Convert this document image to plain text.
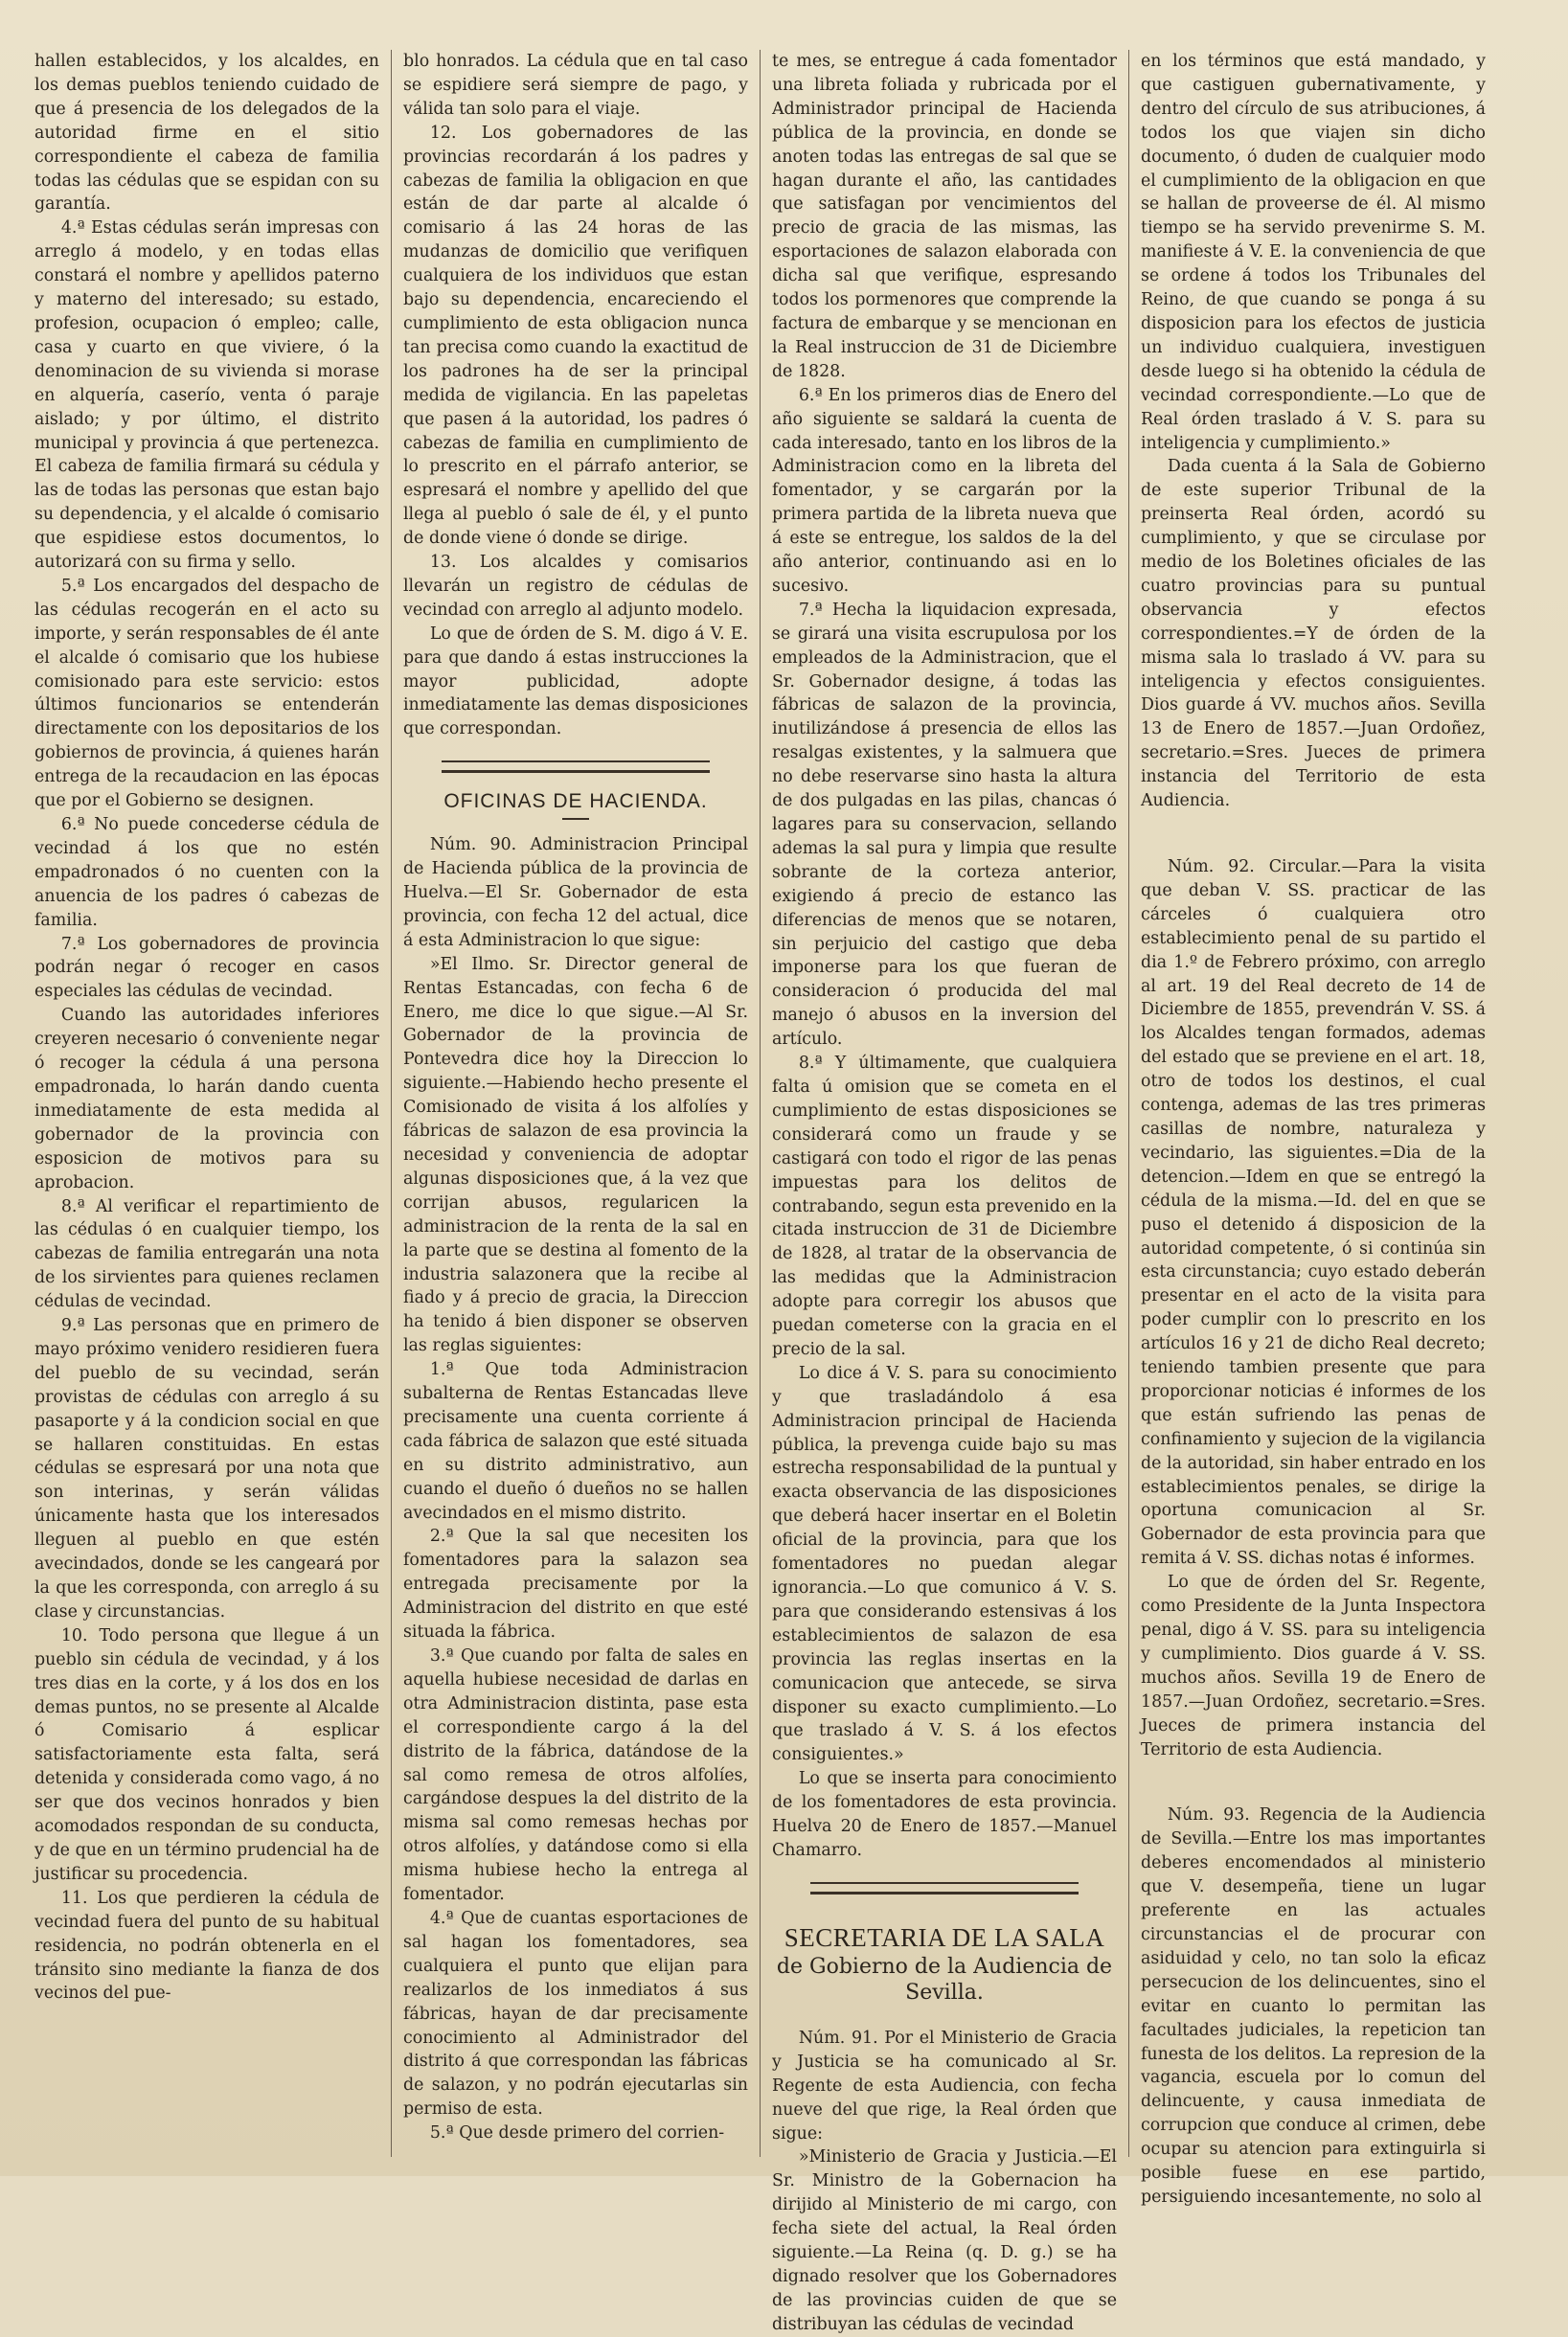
hallen establecidos, y los alcaldes, en los demas pueblos teniendo cuidado de que á presencia de los delegados de la autoridad firme en el sitio correspondiente el cabeza de familia todas las cédulas que se espidan con su garantía.

4.ª Estas cédulas serán impresas con arreglo á modelo, y en todas ellas constará el nombre y apellidos paterno y materno del interesado; su estado, profesion, ocupacion ó empleo; calle, casa y cuarto en que viviere, ó la denominacion de su vivienda si morase en alquería, caserío, venta ó paraje aislado; y por último, el distrito municipal y provincia á que pertenezca. El cabeza de familia firmará su cédula y las de todas las personas que estan bajo su dependencia, y el alcalde ó comisario que espidiese estos documentos, lo autorizará con su firma y sello.

5.ª Los encargados del despacho de las cédulas recogerán en el acto su importe, y serán responsables de él ante el alcalde ó comisario que los hubiese comisionado para este servicio: estos últimos funcionarios se entenderán directamente con los depositarios de los gobiernos de provincia, á quienes harán entrega de la recaudacion en las épocas que por el Gobierno se designen.

6.ª No puede concederse cédula de vecindad á los que no estén empadronados ó no cuenten con la anuencia de los padres ó cabezas de familia.

7.ª Los gobernadores de provincia podrán negar ó recoger en casos especiales las cédulas de vecindad.

Cuando las autoridades inferiores creyeren necesario ó conveniente negar ó recoger la cédula á una persona empadronada, lo harán dando cuenta inmediatamente de esta medida al gobernador de la provincia con esposicion de motivos para su aprobacion.

8.ª Al verificar el repartimiento de las cédulas ó en cualquier tiempo, los cabezas de familia entregarán una nota de los sirvientes para quienes reclamen cédulas de vecindad.

9.ª Las personas que en primero de mayo próximo venidero residieren fuera del pueblo de su vecindad, serán provistas de cédulas con arreglo á su pasaporte y á la condicion social en que se hallaren constituidas. En estas cédulas se espresará por una nota que son interinas, y serán válidas únicamente hasta que los interesados lleguen al pueblo en que estén avecindados, donde se les cangeará por la que les corresponda, con arreglo á su clase y circunstancias.

10. Todo persona que llegue á un pueblo sin cédula de vecindad, y á los tres dias en la corte, y á los dos en los demas puntos, no se presente al Alcalde ó Comisario á esplicar satisfactoriamente esta falta, será detenida y considerada como vago, á no ser que dos vecinos honrados y bien acomodados respondan de su conducta, y de que en un término prudencial ha de justificar su procedencia.

11. Los que perdieren la cédula de vecindad fuera del punto de su habitual residencia, no podrán obtenerla en el tránsito sino mediante la fianza de dos vecinos del pue-

blo honrados. La cédula que en tal caso se espidiere será siempre de pago, y válida tan solo para el viaje.

12. Los gobernadores de las provincias recordarán á los padres y cabezas de familia la obligacion en que están de dar parte al alcalde ó comisario á las 24 horas de las mudanzas de domicilio que verifiquen cualquiera de los individuos que estan bajo su dependencia, encareciendo el cumplimiento de esta obligacion nunca tan precisa como cuando la exactitud de los padrones ha de ser la principal medida de vigilancia. En las papeletas que pasen á la autoridad, los padres ó cabezas de familia en cumplimiento de lo prescrito en el párrafo anterior, se espresará el nombre y apellido del que llega al pueblo ó sale de él, y el punto de donde viene ó donde se dirige.

13. Los alcaldes y comisarios llevarán un registro de cédulas de vecindad con arreglo al adjunto modelo.

Lo que de órden de S. M. digo á V. E. para que dando á estas instrucciones la mayor publicidad, adopte inmediatamente las demas disposiciones que correspondan.

OFICINAS DE HACIENDA.

Núm. 90. Administracion Principal de Hacienda pública de la provincia de Huelva.—El Sr. Gobernador de esta provincia, con fecha 12 del actual, dice á esta Administracion lo que sigue:

»El Ilmo. Sr. Director general de Rentas Estancadas, con fecha 6 de Enero, me dice lo que sigue.—Al Sr. Gobernador de la provincia de Pontevedra dice hoy la Direccion lo siguiente.—Habiendo hecho presente el Comisionado de visita á los alfolíes y fábricas de salazon de esa provincia la necesidad y conveniencia de adoptar algunas disposiciones que, á la vez que corrijan abusos, regularicen la administracion de la renta de la sal en la parte que se destina al fomento de la industria salazonera que la recibe al fiado y á precio de gracia, la Direccion ha tenido á bien disponer se observen las reglas siguientes:

1.ª Que toda Administracion subalterna de Rentas Estancadas lleve precisamente una cuenta corriente á cada fábrica de salazon que esté situada en su distrito administrativo, aun cuando el dueño ó dueños no se hallen avecindados en el mismo distrito.

2.ª Que la sal que necesiten los fomentadores para la salazon sea entregada precisamente por la Administracion del distrito en que esté situada la fábrica.

3.ª Que cuando por falta de sales en aquella hubiese necesidad de darlas en otra Administracion distinta, pase esta el correspondiente cargo á la del distrito de la fábrica, datándose de la sal como remesa de otros alfolíes, cargándose despues la del distrito de la misma sal como remesas hechas por otros alfolíes, y datándose como si ella misma hubiese hecho la entrega al fomentador.

4.ª Que de cuantas esportaciones de sal hagan los fomentadores, sea cualquiera el punto que elijan para realizarlos de los inmediatos á sus fábricas, hayan de dar precisamente conocimiento al Administrador del distrito á que correspondan las fábricas de salazon, y no podrán ejecutarlas sin permiso de esta.

5.ª Que desde primero del corrien-

te mes, se entregue á cada fomentador una libreta foliada y rubricada por el Administrador principal de Hacienda pública de la provincia, en donde se anoten todas las entregas de sal que se hagan durante el año, las cantidades que satisfagan por vencimientos del precio de gracia de las mismas, las esportaciones de salazon elaborada con dicha sal que verifique, espresando todos los pormenores que comprende la factura de embarque y se mencionan en la Real instruccion de 31 de Diciembre de 1828.

6.ª En los primeros dias de Enero del año siguiente se saldará la cuenta de cada interesado, tanto en los libros de la Administracion como en la libreta del fomentador, y se cargarán por la primera partida de la libreta nueva que á este se entregue, los saldos de la del año anterior, continuando asi en lo sucesivo.

7.ª Hecha la liquidacion expresada, se girará una visita escrupulosa por los empleados de la Administracion, que el Sr. Gobernador designe, á todas las fábricas de salazon de la provincia, inutilizándose á presencia de ellos las resalgas existentes, y la salmuera que no debe reservarse sino hasta la altura de dos pulgadas en las pilas, chancas ó lagares para su conservacion, sellando ademas la sal pura y limpia que resulte sobrante de la corteza anterior, exigiendo á precio de estanco las diferencias de menos que se notaren, sin perjuicio del castigo que deba imponerse para los que fueran de consideracion ó producida del mal manejo ó abusos en la inversion del artículo.

8.ª Y últimamente, que cualquiera falta ú omision que se cometa en el cumplimiento de estas disposiciones se considerará como un fraude y se castigará con todo el rigor de las penas impuestas para los delitos de contrabando, segun esta prevenido en la citada instruccion de 31 de Diciembre de 1828, al tratar de la observancia de las medidas que la Administracion adopte para corregir los abusos que puedan cometerse con la gracia en el precio de la sal.

Lo dice á V. S. para su conocimiento y que trasladándolo á esa Administracion principal de Hacienda pública, la prevenga cuide bajo su mas estrecha responsabilidad de la puntual y exacta observancia de las disposiciones que deberá hacer insertar en el Boletin oficial de la provincia, para que los fomentadores no puedan alegar ignorancia.—Lo que comunico á V. S. para que considerando estensivas á los establecimientos de salazon de esa provincia las reglas insertas en la comunicacion que antecede, se sirva disponer su exacto cumplimiento.—Lo que traslado á V. S. á los efectos consiguientes.»

Lo que se inserta para conocimiento de los fomentadores de esta provincia. Huelva 20 de Enero de 1857.—Manuel Chamarro.

SECRETARIA DE LA SALA
de Gobierno de la Audiencia de Sevilla.

Núm. 91. Por el Ministerio de Gracia y Justicia se ha comunicado al Sr. Regente de esta Audiencia, con fecha nueve del que rige, la Real órden que sigue:

»Ministerio de Gracia y Justicia.—El Sr. Ministro de la Gobernacion ha dirijido al Ministerio de mi cargo, con fecha siete del actual, la Real órden siguiente.—La Reina (q. D. g.) se ha dignado resolver que los Gobernadores de las provincias cuiden de que se distribuyan las cédulas de vecindad

en los términos que está mandado, y que castiguen gubernativamente, y dentro del círculo de sus atribuciones, á todos los que viajen sin dicho documento, ó duden de cualquier modo el cumplimiento de la obligacion en que se hallan de proveerse de él. Al mismo tiempo se ha servido prevenirme S. M. manifieste á V. E. la conveniencia de que se ordene á todos los Tribunales del Reino, de que cuando se ponga á su disposicion para los efectos de justicia un individuo cualquiera, investiguen desde luego si ha obtenido la cédula de vecindad correspondiente.—Lo que de Real órden traslado á V. S. para su inteligencia y cumplimiento.»

Dada cuenta á la Sala de Gobierno de este superior Tribunal de la preinserta Real órden, acordó su cumplimiento, y que se circulase por medio de los Boletines oficiales de las cuatro provincias para su puntual observancia y efectos correspondientes.=Y de órden de la misma sala lo traslado á VV. para su inteligencia y efectos consiguientes. Dios guarde á VV. muchos años. Sevilla 13 de Enero de 1857.—Juan Ordoñez, secretario.=Sres. Jueces de primera instancia del Territorio de esta Audiencia.

Núm. 92. Circular.—Para la visita que deban V. SS. practicar de las cárceles ó cualquiera otro establecimiento penal de su partido el dia 1.º de Febrero próximo, con arreglo al art. 19 del Real decreto de 14 de Diciembre de 1855, prevendrán V. SS. á los Alcaldes tengan formados, ademas del estado que se previene en el art. 18, otro de todos los destinos, el cual contenga, ademas de las tres primeras casillas de nombre, naturaleza y vecindario, las siguientes.=Dia de la detencion.—Idem en que se entregó la cédula de la misma.—Id. del en que se puso el detenido á disposicion de la autoridad competente, ó si continúa sin esta circunstancia; cuyo estado deberán presentar en el acto de la visita para poder cumplir con lo prescrito en los artículos 16 y 21 de dicho Real decreto; teniendo tambien presente que para proporcionar noticias é informes de los que están sufriendo las penas de confinamiento y sujecion de la vigilancia de la autoridad, sin haber entrado en los establecimientos penales, se dirige la oportuna comunicacion al Sr. Gobernador de esta provincia para que remita á V. SS. dichas notas é informes.

Lo que de órden del Sr. Regente, como Presidente de la Junta Inspectora penal, digo á V. SS. para su inteligencia y cumplimiento. Dios guarde á V. SS. muchos años. Sevilla 19 de Enero de 1857.—Juan Ordoñez, secretario.=Sres. Jueces de primera instancia del Territorio de esta Audiencia.

Núm. 93. Regencia de la Audiencia de Sevilla.—Entre los mas importantes deberes encomendados al ministerio que V. desempeña, tiene un lugar preferente en las actuales circunstancias el de procurar con asiduidad y celo, no tan solo la eficaz persecucion de los delincuentes, sino el evitar en cuanto lo permitan las facultades judiciales, la repeticion tan funesta de los delitos. La represion de la vagancia, escuela por lo comun del delincuente, y causa inmediata de corrupcion que conduce al crimen, debe ocupar su atencion para extinguirla si posible fuese en ese partido, persiguiendo incesantemente, no solo al
